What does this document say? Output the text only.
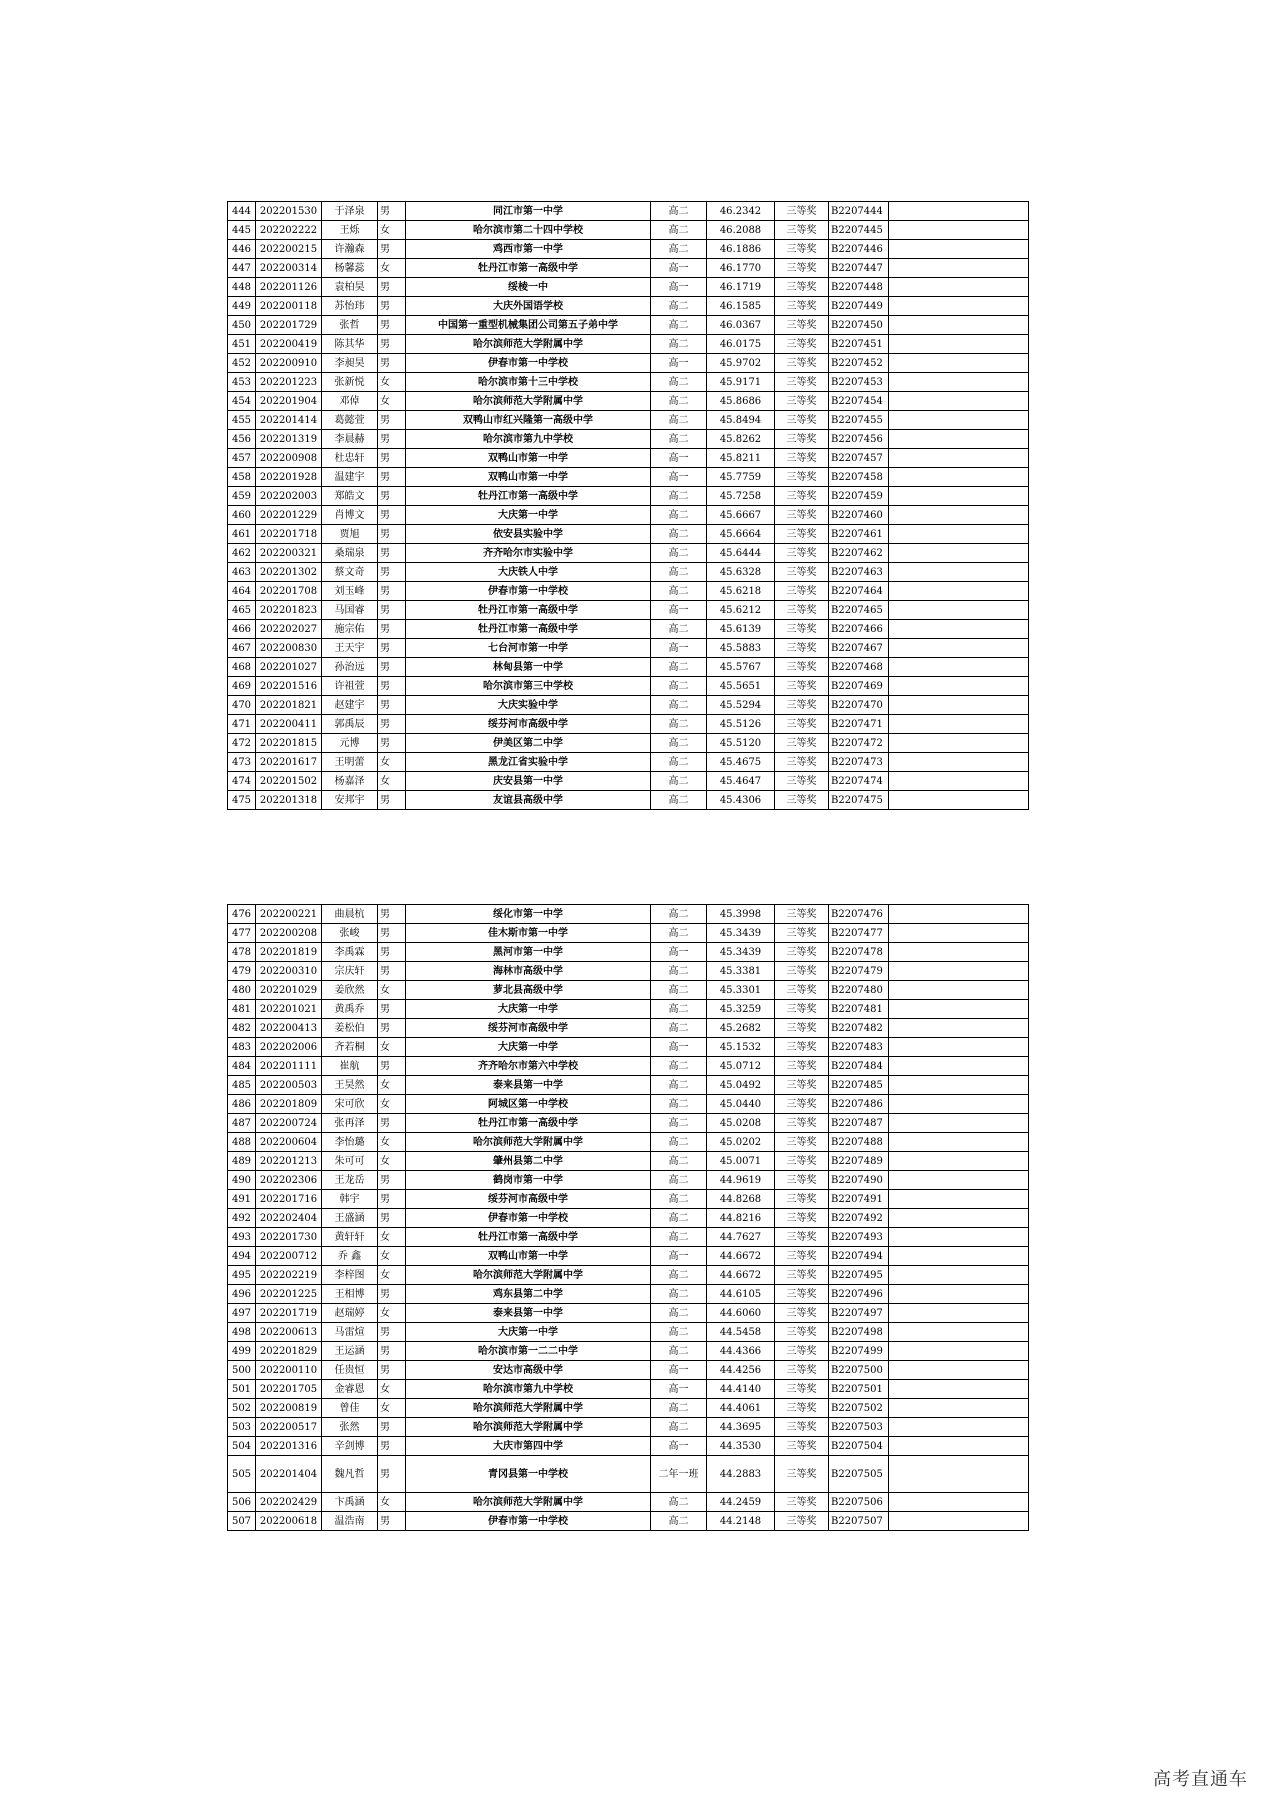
444	202201530	于泽泉	男	同江市第一中学	高二	46.2342	三等奖	B2207444	
445	202202222	王烁	女	哈尔滨市第二十四中学校	高二	46.2088	三等奖	B2207445	
446	202200215	许瀚森	男	鸡西市第一中学	高二	46.1886	三等奖	B2207446	
447	202200314	杨馨蕊	女	牡丹江市第一高级中学	高一	46.1770	三等奖	B2207447	
448	202201126	袁柏昊	男	绥棱一中	高一	46.1719	三等奖	B2207448	
449	202200118	苏怡玮	男	大庆外国语学校	高二	46.1585	三等奖	B2207449	
450	202201729	张哲	男	中国第一重型机械集团公司第五子弟中学	高二	46.0367	三等奖	B2207450	
451	202200419	陈其华	男	哈尔滨师范大学附属中学	高二	46.0175	三等奖	B2207451	
452	202200910	李昶昊	男	伊春市第一中学校	高一	45.9702	三等奖	B2207452	
453	202201223	张新悦	女	哈尔滨市第十三中学校	高二	45.9171	三等奖	B2207453	
454	202201904	邓倬	女	哈尔滨师范大学附属中学	高二	45.8686	三等奖	B2207454	
455	202201414	葛懿萱	男	双鸭山市红兴隆第一高级中学	高二	45.8494	三等奖	B2207455	
456	202201319	李晨赫	男	哈尔滨市第九中学校	高二	45.8262	三等奖	B2207456	
457	202200908	杜忠轩	男	双鸭山市第一中学	高一	45.8211	三等奖	B2207457	
458	202201928	温建宇	男	双鸭山市第一中学	高一	45.7759	三等奖	B2207458	
459	202202003	郑皓文	男	牡丹江市第一高级中学	高二	45.7258	三等奖	B2207459	
460	202201229	肖博文	男	大庆第一中学	高二	45.6667	三等奖	B2207460	
461	202201718	贾旭	男	依安县实验中学	高二	45.6664	三等奖	B2207461	
462	202200321	桑瑞泉	男	齐齐哈尔市实验中学	高二	45.6444	三等奖	B2207462	
463	202201302	蔡文奇	男	大庆铁人中学	高二	45.6328	三等奖	B2207463	
464	202201708	刘玉峰	男	伊春市第一中学校	高二	45.6218	三等奖	B2207464	
465	202201823	马国睿	男	牡丹江市第一高级中学	高一	45.6212	三等奖	B2207465	
466	202202027	施宗佑	男	牡丹江市第一高级中学	高二	45.6139	三等奖	B2207466	
467	202200830	王天宇	男	七台河市第一中学	高一	45.5883	三等奖	B2207467	
468	202201027	孙治远	男	林甸县第一中学	高二	45.5767	三等奖	B2207468	
469	202201516	许祖萱	男	哈尔滨市第三中学校	高二	45.5651	三等奖	B2207469	
470	202201821	赵建宇	男	大庆实验中学	高二	45.5294	三等奖	B2207470	
471	202200411	郭禹辰	男	绥芬河市高级中学	高二	45.5126	三等奖	B2207471	
472	202201815	元博	男	伊美区第二中学	高二	45.5120	三等奖	B2207472	
473	202201617	王明蕾	女	黑龙江省实验中学	高二	45.4675	三等奖	B2207473	
474	202201502	杨嘉泽	女	庆安县第一中学	高二	45.4647	三等奖	B2207474	
475	202201318	安邦宇	男	友谊县高级中学	高二	45.4306	三等奖	B2207475	
476	202200221	曲晨杭	男	绥化市第一中学	高二	45.3998	三等奖	B2207476	
477	202200208	张峻	男	佳木斯市第一中学	高二	45.3439	三等奖	B2207477	
478	202201819	李禹霖	男	黑河市第一中学	高一	45.3439	三等奖	B2207478	
479	202200310	宗庆轩	男	海林市高级中学	高二	45.3381	三等奖	B2207479	
480	202201029	姜欣然	女	萝北县高级中学	高二	45.3301	三等奖	B2207480	
481	202201021	黄禹乔	男	大庆第一中学	高二	45.3259	三等奖	B2207481	
482	202200413	姜松伯	男	绥芬河市高级中学	高二	45.2682	三等奖	B2207482	
483	202202006	齐若桐	女	大庆第一中学	高一	45.1532	三等奖	B2207483	
484	202201111	崔航	男	齐齐哈尔市第六中学校	高二	45.0712	三等奖	B2207484	
485	202200503	王昊然	女	泰来县第一中学	高二	45.0492	三等奖	B2207485	
486	202201809	宋可欣	女	阿城区第一中学校	高二	45.0440	三等奖	B2207486	
487	202200724	张再泽	男	牡丹江市第一高级中学	高二	45.0208	三等奖	B2207487	
488	202200604	李怡璐	女	哈尔滨师范大学附属中学	高二	45.0202	三等奖	B2207488	
489	202201213	朱可可	女	肇州县第二中学	高二	45.0071	三等奖	B2207489	
490	202202306	王龙岳	男	鹤岗市第一中学	高二	44.9619	三等奖	B2207490	
491	202201716	韩宇	男	绥芬河市高级中学	高二	44.8268	三等奖	B2207491	
492	202202404	王盛涵	男	伊春市第一中学校	高二	44.8216	三等奖	B2207492	
493	202201730	黄轩轩	女	牡丹江市第一高级中学	高二	44.7627	三等奖	B2207493	
494	202200712	乔 鑫	女	双鸭山市第一中学	高一	44.6672	三等奖	B2207494	
495	202202219	李梓图	女	哈尔滨师范大学附属中学	高二	44.6672	三等奖	B2207495	
496	202201225	王相博	男	鸡东县第二中学	高二	44.6105	三等奖	B2207496	
497	202201719	赵瑞婷	女	泰来县第一中学	高二	44.6060	三等奖	B2207497	
498	202200613	马雷煊	男	大庆第一中学	高二	44.5458	三等奖	B2207498	
499	202201829	王运涵	男	哈尔滨市第一二二中学	高二	44.4366	三等奖	B2207499	
500	202200110	任贵恒	男	安达市高级中学	高一	44.4256	三等奖	B2207500	
501	202201705	金睿恩	女	哈尔滨市第九中学校	高一	44.4140	三等奖	B2207501	
502	202200819	曾佳	女	哈尔滨师范大学附属中学	高二	44.4061	三等奖	B2207502	
503	202200517	张然	男	哈尔滨师范大学附属中学	高二	44.3695	三等奖	B2207503	
504	202201316	辛剑博	男	大庆市第四中学	高一	44.3530	三等奖	B2207504	
505	202201404	魏凡哲	男	青冈县第一中学校	二年一班	44.2883	三等奖	B2207505	
506	202202429	卞禹涵	女	哈尔滨师范大学附属中学	高二	44.2459	三等奖	B2207506	
507	202200618	温浩南	男	伊春市第一中学校	高二	44.2148	三等奖	B2207507	
高考直通车
